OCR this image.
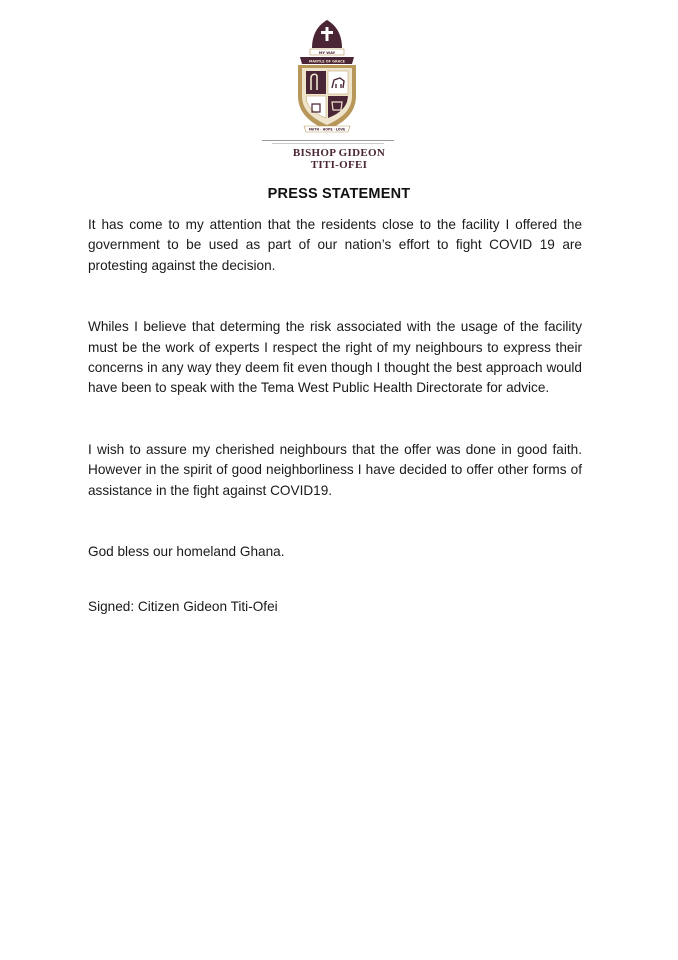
MY WAY
MANTLE OF GRACE
FAITH · HOPE · LOVE
BISHOP GIDEON
TITI-OFEI
PRESS STATEMENT

It has come to my attention that the residents close to the facility I offered the government to be used as part of our nation’s effort to fight COVID 19 are protesting against the decision.

Whiles I believe that determing the risk associated with the usage of the facility must be the work of experts I respect the right of my neighbours to express their concerns in any way they deem fit even though I thought the best approach would have been to speak with the Tema West Public Health Directorate for advice.

I wish to assure my cherished neighbours that the offer was done in good faith. However in the spirit of good neighborliness I have decided to offer other forms of assistance in the fight against COVID19.

God bless our homeland Ghana.

Signed: Citizen Gideon Titi-Ofei
